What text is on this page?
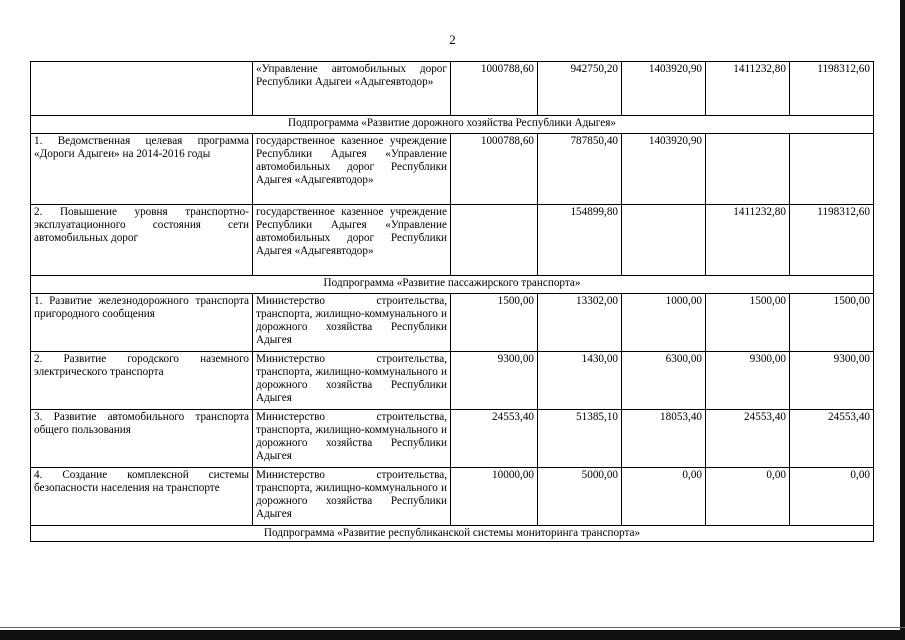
2
	«Управление автомобильных дорог Республики Адыгеи «Адыгеявтодор»	1000788,60	942750,20	1403920,90	1411232,80	1198312,60
Подпрограмма «Развитие дорожного хозяйства Республики Адыгея»						
1. Ведомственная целевая программа «Дороги Адыгеи» на 2014-2016 годы	государственное казенное учреждение Республики Адыгея «Управление автомобильных дорог Республики Адыгея «Адыгеявтодор»	1000788,60	787850,40	1403920,90		
2. Повышение уровня транспортно-эксплуатационного состояния сети автомобильных дорог	государственное казенное учреждение Республики Адыгея «Управление автомобильных дорог Республики Адыгея «Адыгеявтодор»		154899,80		1411232,80	1198312,60
Подпрограмма «Развитие пассажирского транспорта»						
1. Развитие железнодорожного транспорта пригородного сообщения	Министерство строительства, транспорта, жилищно-коммунального и дорожного хозяйства Республики Адыгея	1500,00	13302,00	1000,00	1500,00	1500,00
2. Развитие городского наземного электрического транспорта	Министерство строительства, транспорта, жилищно-коммунального и дорожного хозяйства Республики Адыгея	9300,00	1430,00	6300,00	9300,00	9300,00
3. Развитие автомобильного транспорта общего пользования	Министерство строительства, транспорта, жилищно-коммунального и дорожного хозяйства Республики Адыгея	24553,40	51385,10	18053,40	24553,40	24553,40
4. Создание комплексной системы безопасности населения на транспорте	Министерство строительства, транспорта, жилищно-коммунального и дорожного хозяйства Республики Адыгея	10000,00	5000,00	0,00	0,00	0,00
Подпрограмма «Развитие республиканской системы мониторинга транспорта»						
